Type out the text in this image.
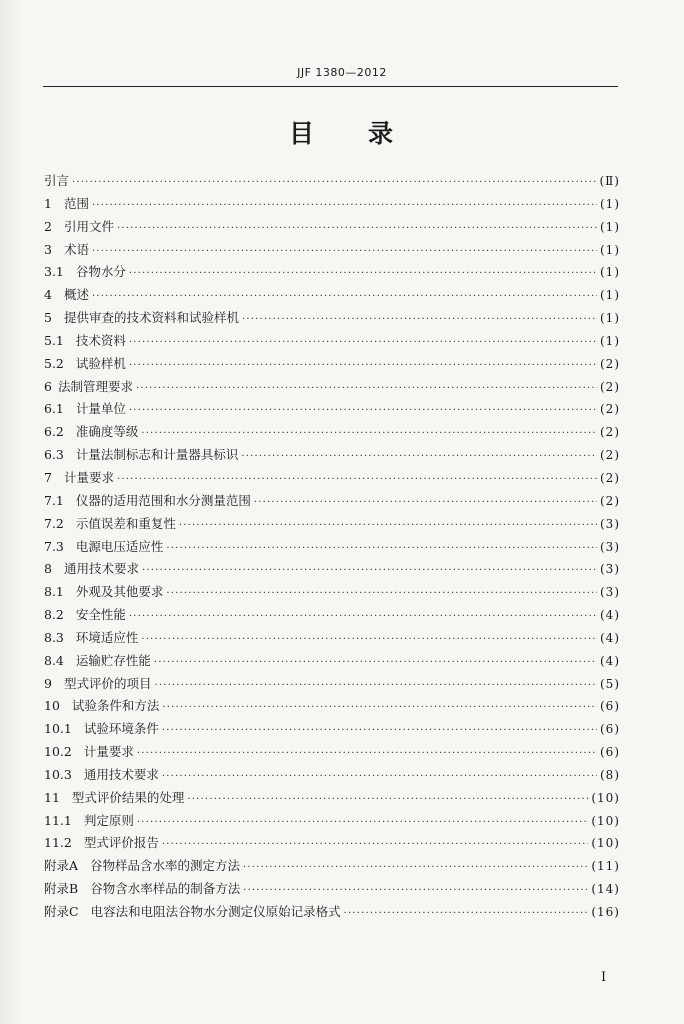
JJF 1380—2012
目 录
引言 ·····	(Ⅱ)
1 范围 ·····	(1)
2 引用文件 ·····	(1)
3 术语 ·····	(1)
3.1 谷物水分 ·····	(1)
4 概述 ·····	(1)
5 提供审查的技术资料和试验样机 ·····	(1)
5.1 技术资料 ·····	(1)
5.2 试验样机 ·····	(2)
6 法制管理要求 ·····	(2)
6.1 计量单位 ·····	(2)
6.2 准确度等级 ·····	(2)
6.3 计量法制标志和计量器具标识 ·····	(2)
7 计量要求 ·····	(2)
7.1 仪器的适用范围和水分测量范围 ·····	(2)
7.2 示值误差和重复性 ·····	(3)
7.3 电源电压适应性 ·····	(3)
8 通用技术要求 ·····	(3)
8.1 外观及其他要求 ·····	(3)
8.2 安全性能 ·····	(4)
8.3 环境适应性 ·····	(4)
8.4 运输贮存性能 ·····	(4)
9 型式评价的项目 ·····	(5)
10 试验条件和方法 ·····	(6)
10.1 试验环境条件 ·····	(6)
10.2 计量要求 ·····	(6)
10.3 通用技术要求 ·····	(8)
11 型式评价结果的处理 ·····	(10)
11.1 判定原则 ·····	(10)
11.2 型式评价报告 ·····	(10)
附录A 谷物样品含水率的测定方法 ·····	(11)
附录B 谷物含水率样品的制备方法 ·····	(14)
附录C 电容法和电阻法谷物水分测定仪原始记录格式 ·····	(16)
Ⅰ
